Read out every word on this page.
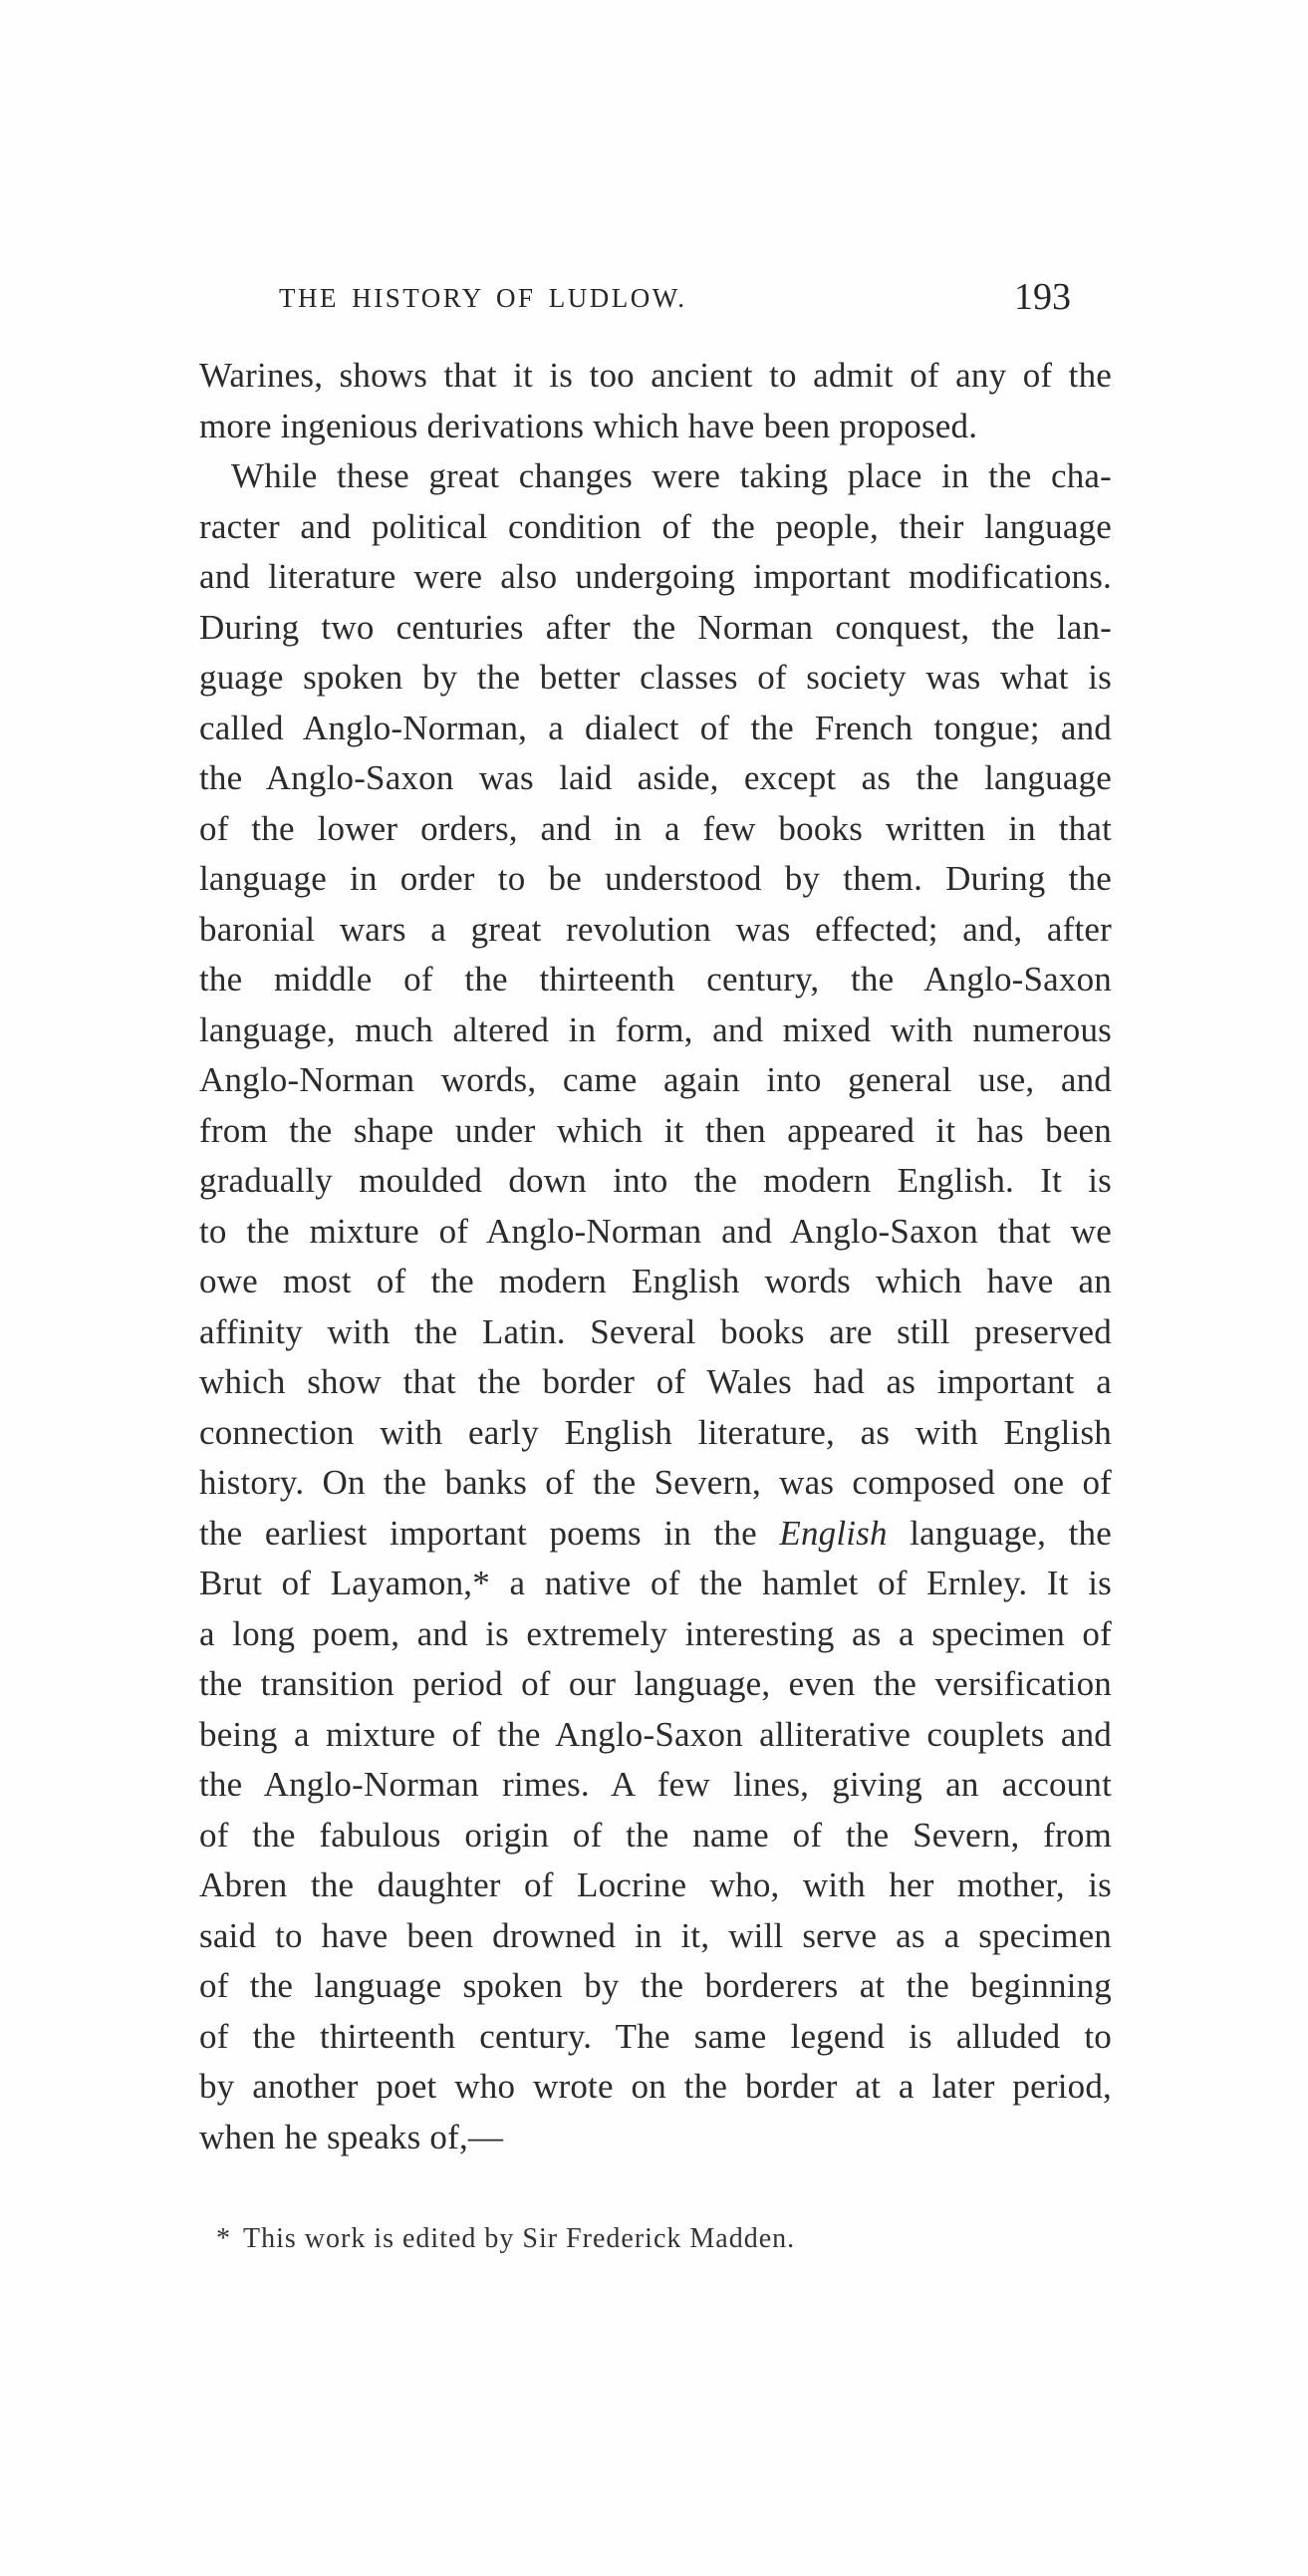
THE HISTORY OF LUDLOW.	193
Warines, shows that it is too ancient to admit of any of the
more ingenious derivations which have been proposed.
While these great changes were taking place in the cha-
racter and political condition of the people, their language
and literature were also undergoing important modifications.
During two centuries after the Norman conquest, the lan-
guage spoken by the better classes of society was what is
called Anglo-Norman, a dialect of the French tongue; and
the Anglo-Saxon was laid aside, except as the language
of the lower orders, and in a few books written in that
language in order to be understood by them. During the
baronial wars a great revolution was effected; and, after
the middle of the thirteenth century, the Anglo-Saxon
language, much altered in form, and mixed with numerous
Anglo-Norman words, came again into general use, and
from the shape under which it then appeared it has been
gradually moulded down into the modern English. It is
to the mixture of Anglo-Norman and Anglo-Saxon that we
owe most of the modern English words which have an
affinity with the Latin. Several books are still preserved
which show that the border of Wales had as important a
connection with early English literature, as with English
history. On the banks of the Severn, was composed one of
the earliest important poems in the English language, the
Brut of Layamon,* a native of the hamlet of Ernley. It is
a long poem, and is extremely interesting as a specimen of
the transition period of our language, even the versification
being a mixture of the Anglo-Saxon alliterative couplets and
the Anglo-Norman rimes. A few lines, giving an account
of the fabulous origin of the name of the Severn, from
Abren the daughter of Locrine who, with her mother, is
said to have been drowned in it, will serve as a specimen
of the language spoken by the borderers at the beginning
of the thirteenth century. The same legend is alluded to
by another poet who wrote on the border at a later period,
when he speaks of,—
* This work is edited by Sir Frederick Madden.
